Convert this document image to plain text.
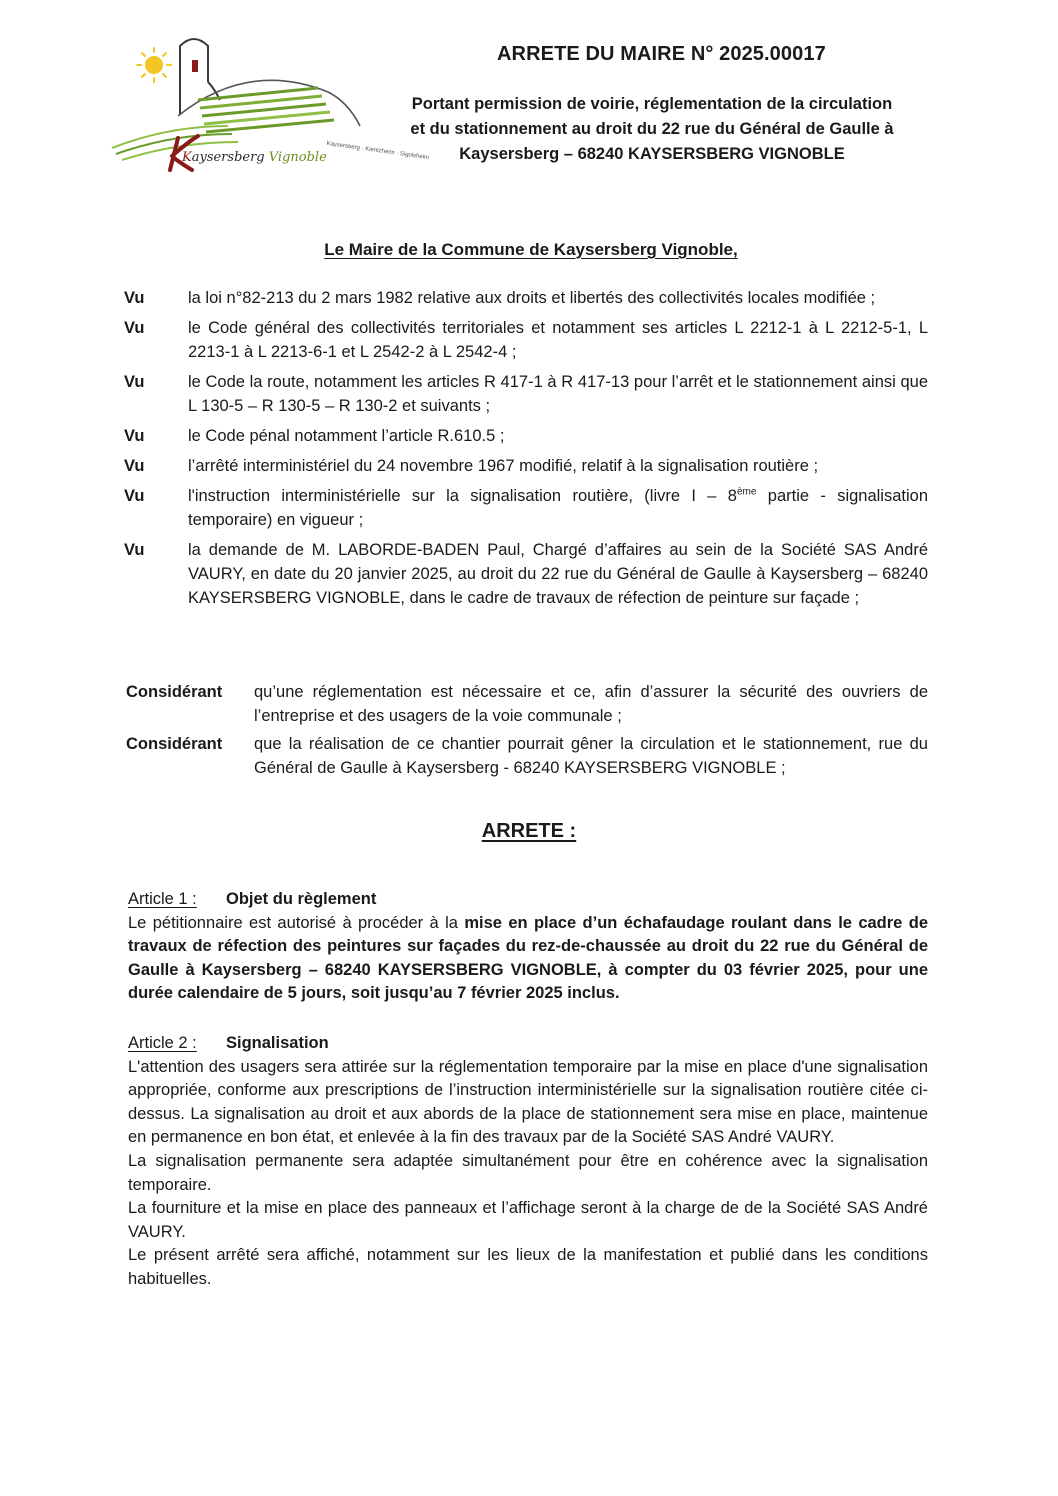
Kaysersberg · Kientzheim · Sigolsheim
Kaysersberg Vignoble
ARRETE DU MAIRE N° 2025.00017
Portant permission de voirie, réglementation de la circulation
et du stationnement au droit du 22 rue du Général de Gaulle à
Kaysersberg – 68240 KAYSERSBERG VIGNOBLE
Le Maire de la Commune de Kaysersberg Vignoble,
Vu	la loi n°82-213 du 2 mars 1982 relative aux droits et libertés des collectivités locales modifiée ;
Vu	le Code général des collectivités territoriales et notamment ses articles L 2212-1 à L 2212-5-1, L 2213-1 à L 2213-6-1 et L 2542-2 à L 2542-4 ;
Vu	le Code la route, notamment les articles R 417-1 à R 417-13 pour l’arrêt et le stationnement ainsi que L 130-5 – R 130-5 – R 130-2 et suivants ;
Vu	le Code pénal notamment l’article R.610.5 ;
Vu	l’arrêté interministériel du 24 novembre 1967 modifié, relatif à la signalisation routière ;
Vu	l'instruction interministérielle sur la signalisation routière, (livre I – 8ème partie - signalisation temporaire) en vigueur ;
Vu	la demande de M. LABORDE-BADEN Paul, Chargé d’affaires au sein de la Société SAS André VAURY, en date du 20 janvier 2025, au droit du 22 rue du Général de Gaulle à Kaysersberg – 68240 KAYSERSBERG VIGNOBLE, dans le cadre de travaux de réfection de peinture sur façade ;
Considérant	qu’une réglementation est nécessaire et ce, afin d’assurer la sécurité des ouvriers de l’entreprise et des usagers de la voie communale ;
Considérant	que la réalisation de ce chantier pourrait gêner la circulation et le stationnement, rue du Général de Gaulle à Kaysersberg - 68240 KAYSERSBERG VIGNOBLE ;
ARRETE :
Article 1 :	Objet du règlement

Le pétitionnaire est autorisé à procéder à la mise en place d’un échafaudage roulant dans le cadre de travaux de réfection des peintures sur façades du rez-de-chaussée au droit du 22 rue du Général de Gaulle à Kaysersberg – 68240 KAYSERSBERG VIGNOBLE, à compter du 03 février 2025, pour une durée calendaire de 5 jours, soit jusqu’au 7 février 2025 inclus.

Article 2 :	Signalisation

L'attention des usagers sera attirée sur la réglementation temporaire par la mise en place d'une signalisation appropriée, conforme aux prescriptions de l’instruction interministérielle sur la signalisation routière citée ci-dessus. La signalisation au droit et aux abords de la place de stationnement sera mise en place, maintenue en permanence en bon état, et enlevée à la fin des travaux par de la Société SAS André VAURY.

La signalisation permanente sera adaptée simultanément pour être en cohérence avec la signalisation temporaire.

La fourniture et la mise en place des panneaux et l’affichage seront à la charge de de la Société SAS André VAURY.

Le présent arrêté sera affiché, notamment sur les lieux de la manifestation et publié dans les conditions habituelles.
